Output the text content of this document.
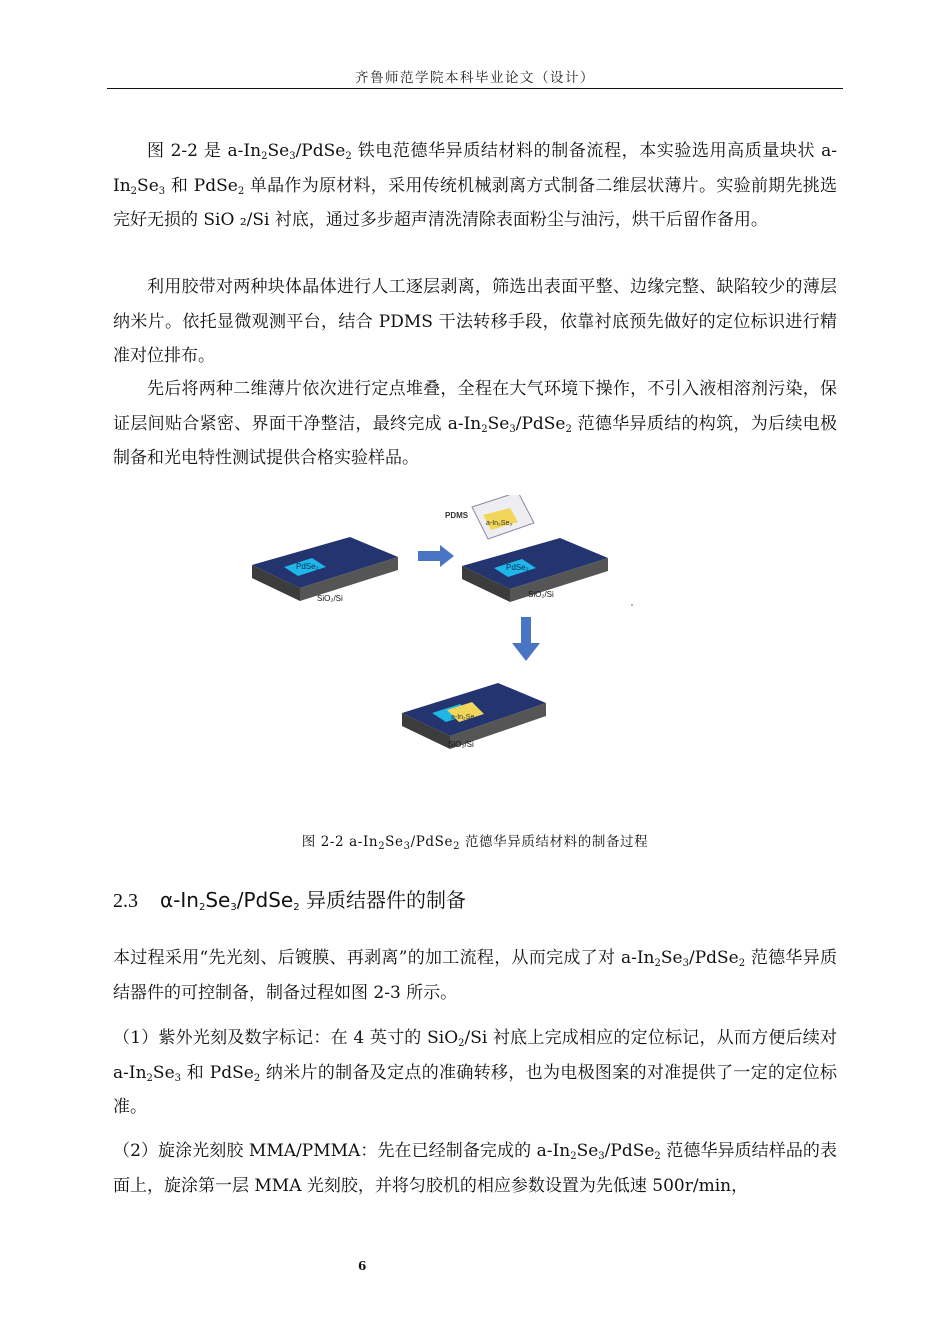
齐鲁师范学院本科毕业论文（设计）

图 2-2 是 $a-In_2Se_3/PdSe_2$ 铁电范德华异质结材料的制备流程，本实验选用高质量块状 $a-In_2Se_3$ 和 PdSe$_2$ 单晶作为原材料，采用传统机械剥离方式制备二维层状薄片。实验前期先挑选完好无损的 SiO ₂/Si 衬底，通过多步超声清洗清除表面粉尘与油污，烘干后留作备用。

利用胶带对两种块体晶体进行人工逐层剥离，筛选出表面平整、边缘完整、缺陷较少的薄层纳米片。依托显微观测平台，结合 PDMS 干法转移手段，依靠衬底预先做好的定位标识进行精准对位排布。

先后将两种二维薄片依次进行定点堆叠，全程在大气环境下操作，不引入液相溶剂污染，保证层间贴合紧密、界面干净整洁，最终完成 $a-In_2Se_3/PdSe_2$ 范德华异质结的构筑，为后续电极制备和光电特性测试提供合格实验样品。

PdSe₂
SiO₂/Si
PDMS
a-In₂Se₃
PdSe₂
SiO₂/Si
a-In₂Se₃
SiO₂/Si
图 2-2 $a-In_2Se_3/PdSe_2$ 范德华异质结材料的制备过程
2.3 $\alpha-In_2Se_3/PdSe_2$ 异质结器件的制备

本过程采用“先光刻、后镀膜、再剥离”的加工流程，从而完成了对 $a-In_2Se_3/PdSe_2$ 范德华异质结器件的可控制备，制备过程如图 2-3 所示。

（1）紫外光刻及数字标记：在 4 英寸的 SiO$_2$/Si 衬底上完成相应的定位标记，从而方便后续对 $a-In_2Se_3$ 和 PdSe$_2$ 纳米片的制备及定点的准确转移，也为电极图案的对准提供了一定的定位标准。

（2）旋涂光刻胶 MMA/PMMA：先在已经制备完成的 $a-In_2Se_3/PdSe_2$ 范德华异质结样品的表面上，旋涂第一层 MMA 光刻胶，并将匀胶机的相应参数设置为先低速 500r/min，

6
